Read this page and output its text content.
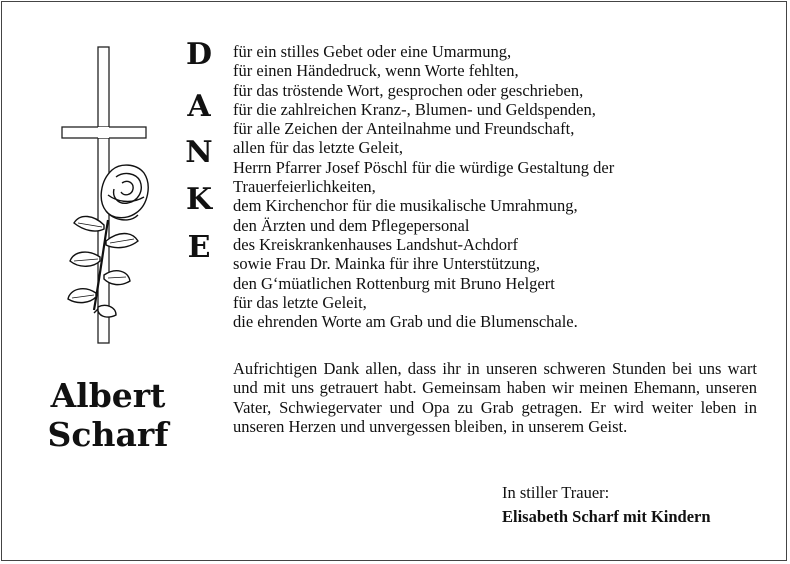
D
A
N
K
E
Albert
Scharf
für ein stilles Gebet oder eine Umarmung,
für einen Händedruck, wenn Worte fehlten,
für das tröstende Wort, gesprochen oder geschrieben,
für die zahlreichen Kranz-, Blumen- und Geldspenden,
für alle Zeichen der Anteilnahme und Freundschaft,
allen für das letzte Geleit,
Herrn Pfarrer Josef Pöschl für die würdige Gestaltung der
Trauerfeierlichkeiten,
dem Kirchenchor für die musikalische Umrahmung,
den Ärzten und dem Pflegepersonal
des Kreiskrankenhauses Landshut-Achdorf
sowie Frau Dr. Mainka für ihre Unterstützung,
den G‘müatlichen Rottenburg mit Bruno Helgert
für das letzte Geleit,
die ehrenden Worte am Grab und die Blumenschale.
Aufrichtigen Dank allen, dass ihr in unseren schweren Stunden bei uns wart und mit uns getrauert habt. Gemeinsam haben wir meinen Ehemann, unseren Vater, Schwiegervater und Opa zu Grab getragen. Er wird weiter leben in unseren Herzen und unvergessen bleiben, in unserem Geist.
In stiller Trauer:
Elisabeth Scharf mit Kindern
